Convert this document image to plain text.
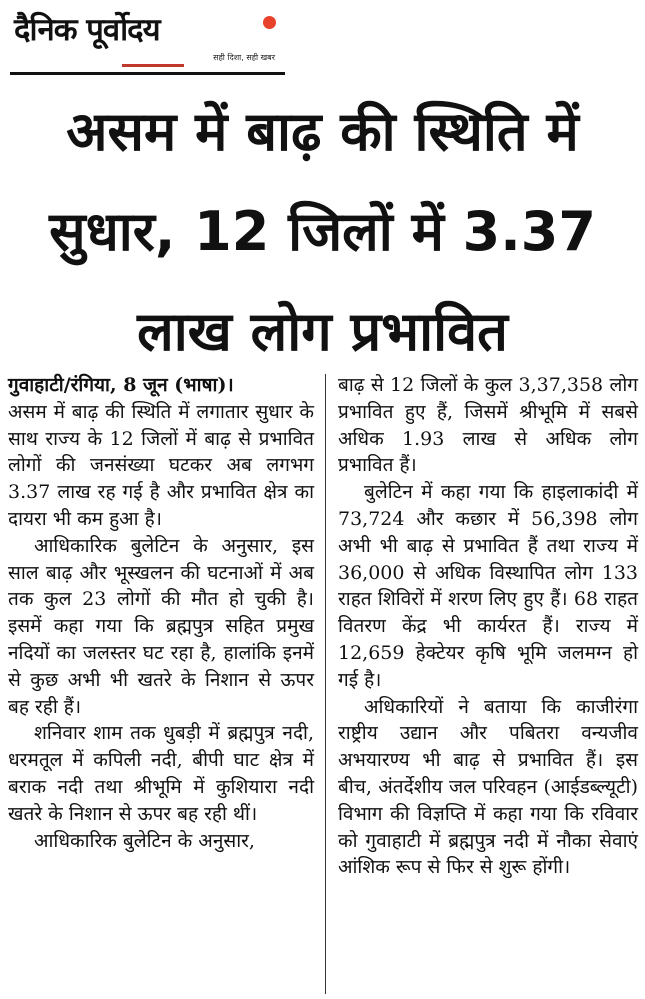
दैनिक पूर्वोदय
सही दिशा, सही खबर
असम में बाढ़ की स्थिति में
सुधार, 12 जिलों में 3.37
लाख लोग प्रभावित

गुवाहाटी/रंगिया, 8 जून (भाषा)।

असम में बाढ़ की स्थिति में लगातार सुधार के साथ राज्य के 12 जिलों में बाढ़ से प्रभावित लोगों की जनसंख्या घटकर अब लगभग 3.37 लाख रह गई है और प्रभावित क्षेत्र का दायरा भी कम हुआ है।

आधिकारिक बुलेटिन के अनुसार, इस साल बाढ़ और भूस्खलन की घटनाओं में अब तक कुल 23 लोगों की मौत हो चुकी है। इसमें कहा गया कि ब्रह्मपुत्र सहित प्रमुख नदियों का जलस्तर घट रहा है, हालांकि इनमें से कुछ अभी भी खतरे के निशान से ऊपर बह रही हैं।

शनिवार शाम तक धुबड़ी में ब्रह्मपुत्र नदी, धरमतूल में कपिली नदी, बीपी घाट क्षेत्र में बराक नदी तथा श्रीभूमि में कुशियारा नदी खतरे के निशान से ऊपर बह रही थीं।

आधिकारिक बुलेटिन के अनुसार,

बाढ़ से 12 जिलों के कुल 3,37,358 लोग प्रभावित हुए हैं, जिसमें श्रीभूमि में सबसे अधिक 1.93 लाख से अधिक लोग प्रभावित हैं।

बुलेटिन में कहा गया कि हाइलाकांदी में 73,724 और कछार में 56,398 लोग अभी भी बाढ़ से प्रभावित हैं तथा राज्य में 36,000 से अधिक विस्थापित लोग 133 राहत शिविरों में शरण लिए हुए हैं। 68 राहत वितरण केंद्र भी कार्यरत हैं। राज्य में 12,659 हेक्टेयर कृषि भूमि जलमग्न हो गई है।

अधिकारियों ने बताया कि काजीरंगा राष्ट्रीय उद्यान और पबितरा वन्यजीव अभयारण्य भी बाढ़ से प्रभावित हैं। इस बीच, अंतर्देशीय जल परिवहन (आईडब्ल्यूटी) विभाग की विज्ञप्ति में कहा गया कि रविवार को गुवाहाटी में ब्रह्मपुत्र नदी में नौका सेवाएं आंशिक रूप से फिर से शुरू होंगी।
